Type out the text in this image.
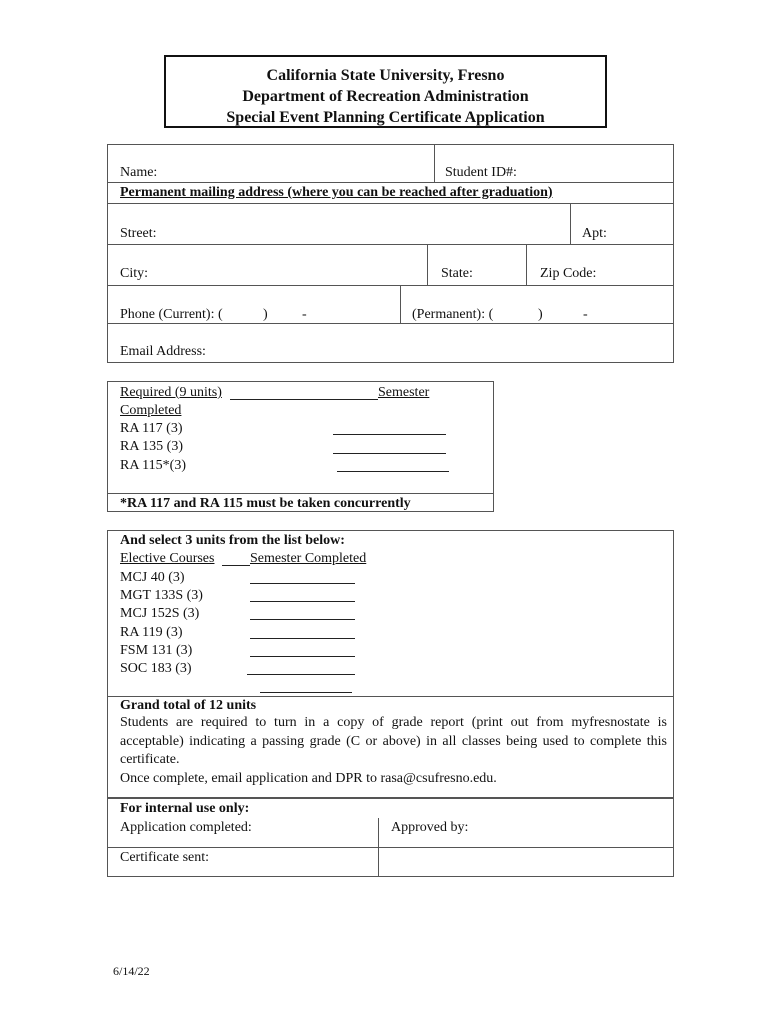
California State University, Fresno
Department of Recreation Administration
Special Event Planning Certificate Application
Name:	Student ID#:
Permanent mailing address (where you can be reached after graduation)
Street:	Apt:
City:	State:	Zip Code:
Phone (Current): (	) -	(Permanent): (	)	-
Email Address:
Required (9 units)	Semester
Completed
RA 117 (3)
RA 135 (3)
RA 115*(3)
*RA 117 and RA 115 must be taken concurrently
And select 3 units from the list below:
Elective Courses	Semester Completed
MCJ 40 (3)
MGT 133S (3)
MCJ 152S (3)
RA 119 (3)
FSM 131 (3)
SOC 183 (3)
Grand total of 12 units

Students are required to turn in a copy of grade report (print out from myfresnostate is acceptable) indicating a passing grade (C or above) in all classes being used to complete this certificate.

Once complete, email application and DPR to rasa@csufresno.edu.

For internal use only:
Application completed:	Approved by:
Certificate sent:
6/14/22
